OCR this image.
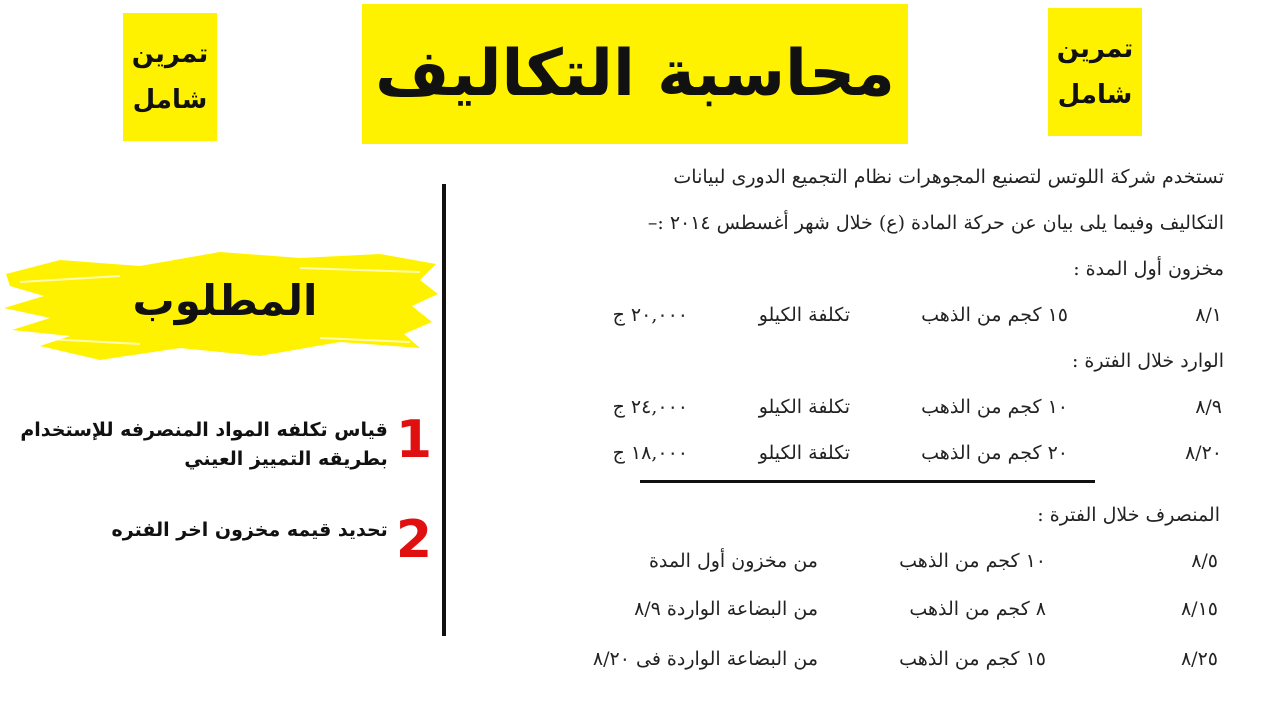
تمرين
شامل
تمرين
شامل
محاسبة التكاليف
المطلوب
1
قياس تكلفه المواد المنصرفه للإستخدام
بطريقه التمييز العيني
2
تحديد قيمه مخزون اخر الفتره
تستخدم شركة اللوتس لتصنيع المجوهرات نظام التجميع الدورى لبيانات
التكاليف وفيما يلى بيان عن حركة المادة (ع) خلال شهر أغسطس ٢٠١٤ :–
مخزون أول المدة :
٨/١
١٥ كجم من الذهب
تكلفة الكيلو
٢٠,٠٠٠ ج
الوارد خلال الفترة :
٨/٩
١٠ كجم من الذهب
تكلفة الكيلو
٢٤,٠٠٠ ج
٨/٢٠
٢٠ كجم من الذهب
تكلفة الكيلو
١٨,٠٠٠ ج
المنصرف خلال الفترة :
٨/٥
١٠ كجم من الذهب
من مخزون أول المدة
٨/١٥
٨ كجم من الذهب
من البضاعة الواردة ٨/٩
٨/٢٥
١٥ كجم من الذهب
من البضاعة الواردة فى ٨/٢٠
